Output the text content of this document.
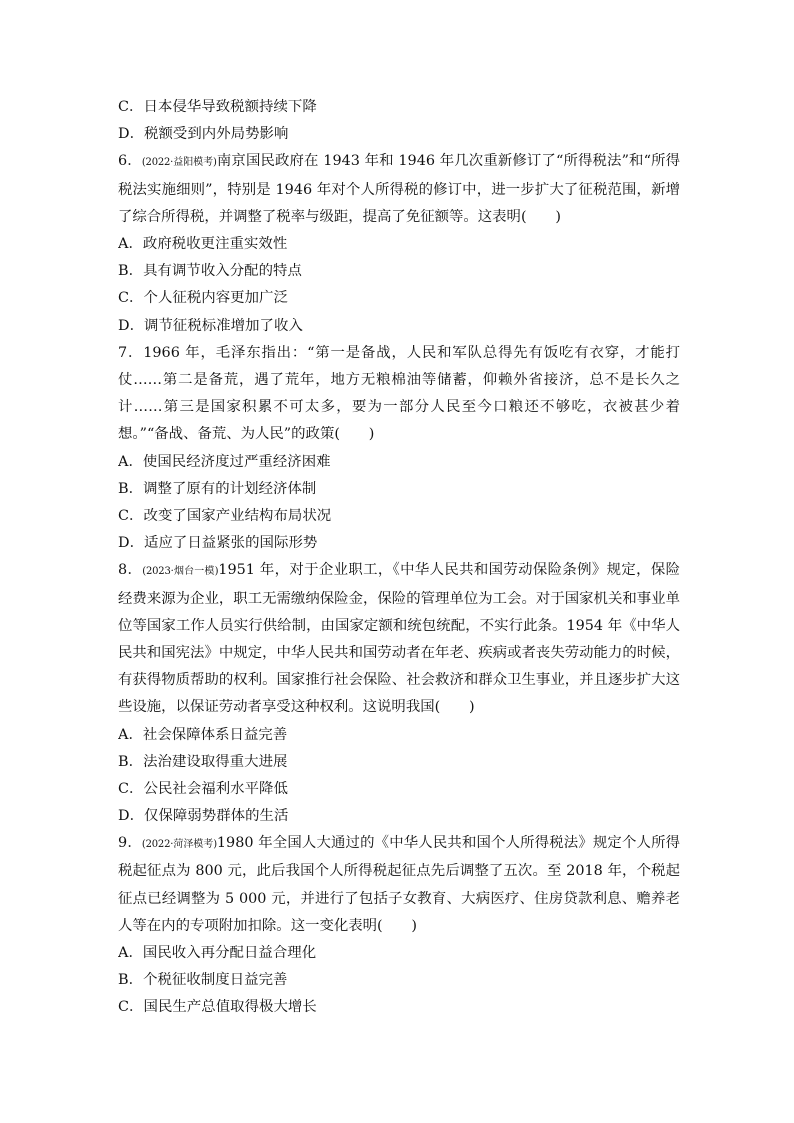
C．日本侵华导致税额持续下降
D．税额受到内外局势影响

6．(2022·益阳模考)南京国民政府在 1943 年和 1946 年几次重新修订了“所得税法”和“所得税法实施细则”，特别是 1946 年对个人所得税的修订中，进一步扩大了征税范围，新增了综合所得税，并调整了税率与级距，提高了免征额等。这表明(　　)

A．政府税收更注重实效性
B．具有调节收入分配的特点
C．个人征税内容更加广泛
D．调节征税标准增加了收入

7．1966 年，毛泽东指出：“第一是备战，人民和军队总得先有饭吃有衣穿，才能打仗……第二是备荒，遇了荒年，地方无粮棉油等储蓄，仰赖外省接济，总不是长久之计……第三是国家积累不可太多，要为一部分人民至今口粮还不够吃，衣被甚少着想。”“备战、备荒、为人民”的政策(　　)

A．使国民经济度过严重经济困难
B．调整了原有的计划经济体制
C．改变了国家产业结构布局状况
D．适应了日益紧张的国际形势

8．(2023·烟台一模)1951 年，对于企业职工，《中华人民共和国劳动保险条例》规定，保险经费来源为企业，职工无需缴纳保险金，保险的管理单位为工会。对于国家机关和事业单位等国家工作人员实行供给制，由国家定额和统包统配，不实行此条。1954 年《中华人民共和国宪法》中规定，中华人民共和国劳动者在年老、疾病或者丧失劳动能力的时候，有获得物质帮助的权利。国家推行社会保险、社会救济和群众卫生事业，并且逐步扩大这些设施，以保证劳动者享受这种权利。这说明我国(　　)

A．社会保障体系日益完善
B．法治建设取得重大进展
C．公民社会福利水平降低
D．仅保障弱势群体的生活

9．(2022·菏泽模考)1980 年全国人大通过的《中华人民共和国个人所得税法》规定个人所得税起征点为 800 元，此后我国个人所得税起征点先后调整了五次。至 2018 年，个税起征点已经调整为 5 000 元，并进行了包括子女教育、大病医疗、住房贷款利息、赡养老人等在内的专项附加扣除。这一变化表明(　　)

A．国民收入再分配日益合理化
B．个税征收制度日益完善
C．国民生产总值取得极大增长
